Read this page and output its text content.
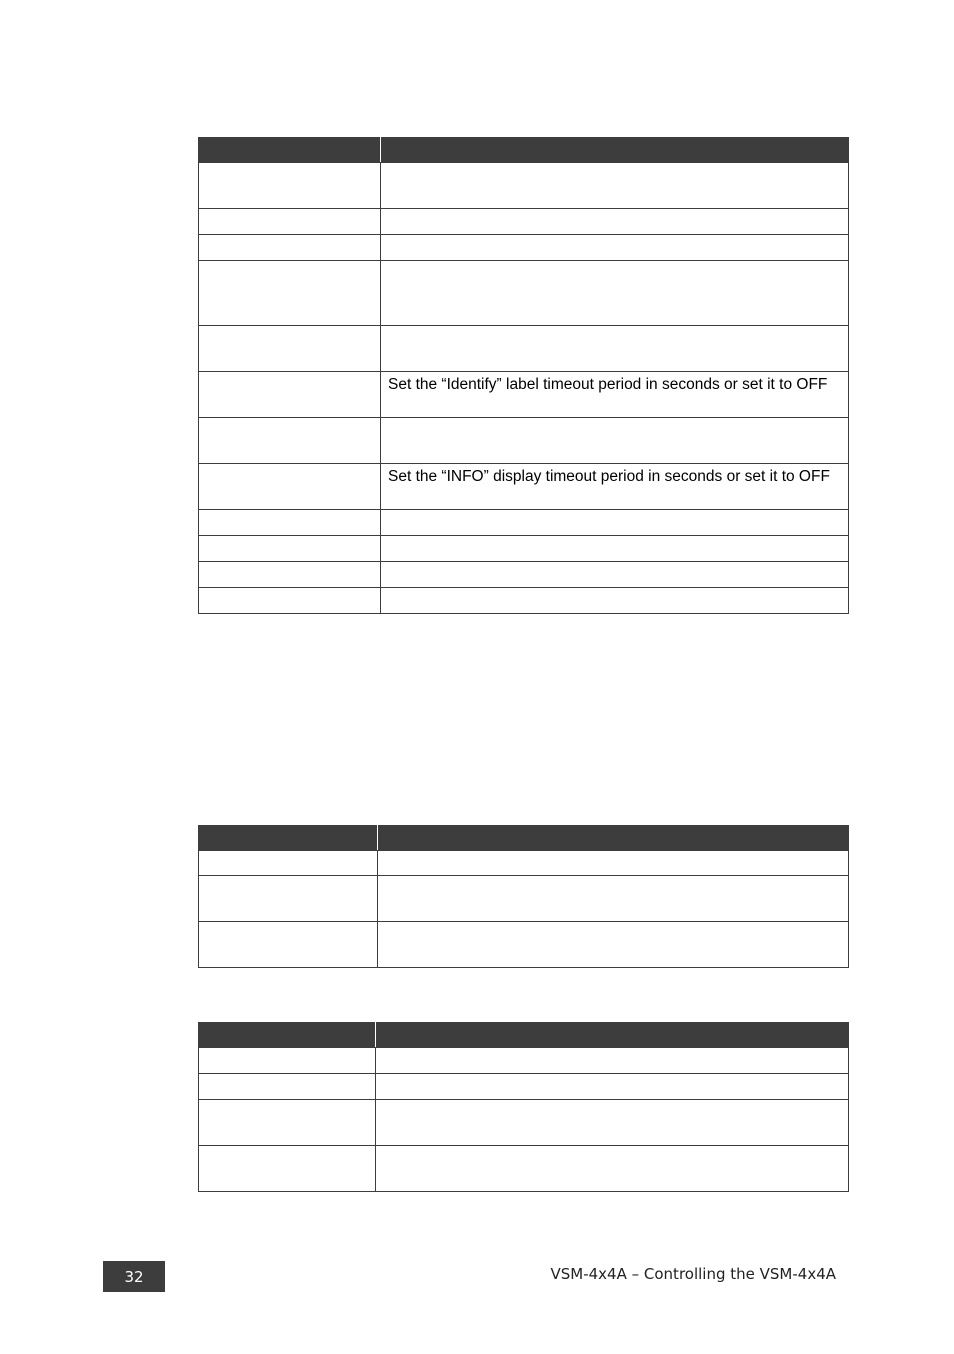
	Set the “Identify” label timeout period in seconds or set it to OFF

	Set the “INFO” display timeout period in seconds or set it to OFF

32	VSM-4x4A – Controlling the VSM-4x4A
